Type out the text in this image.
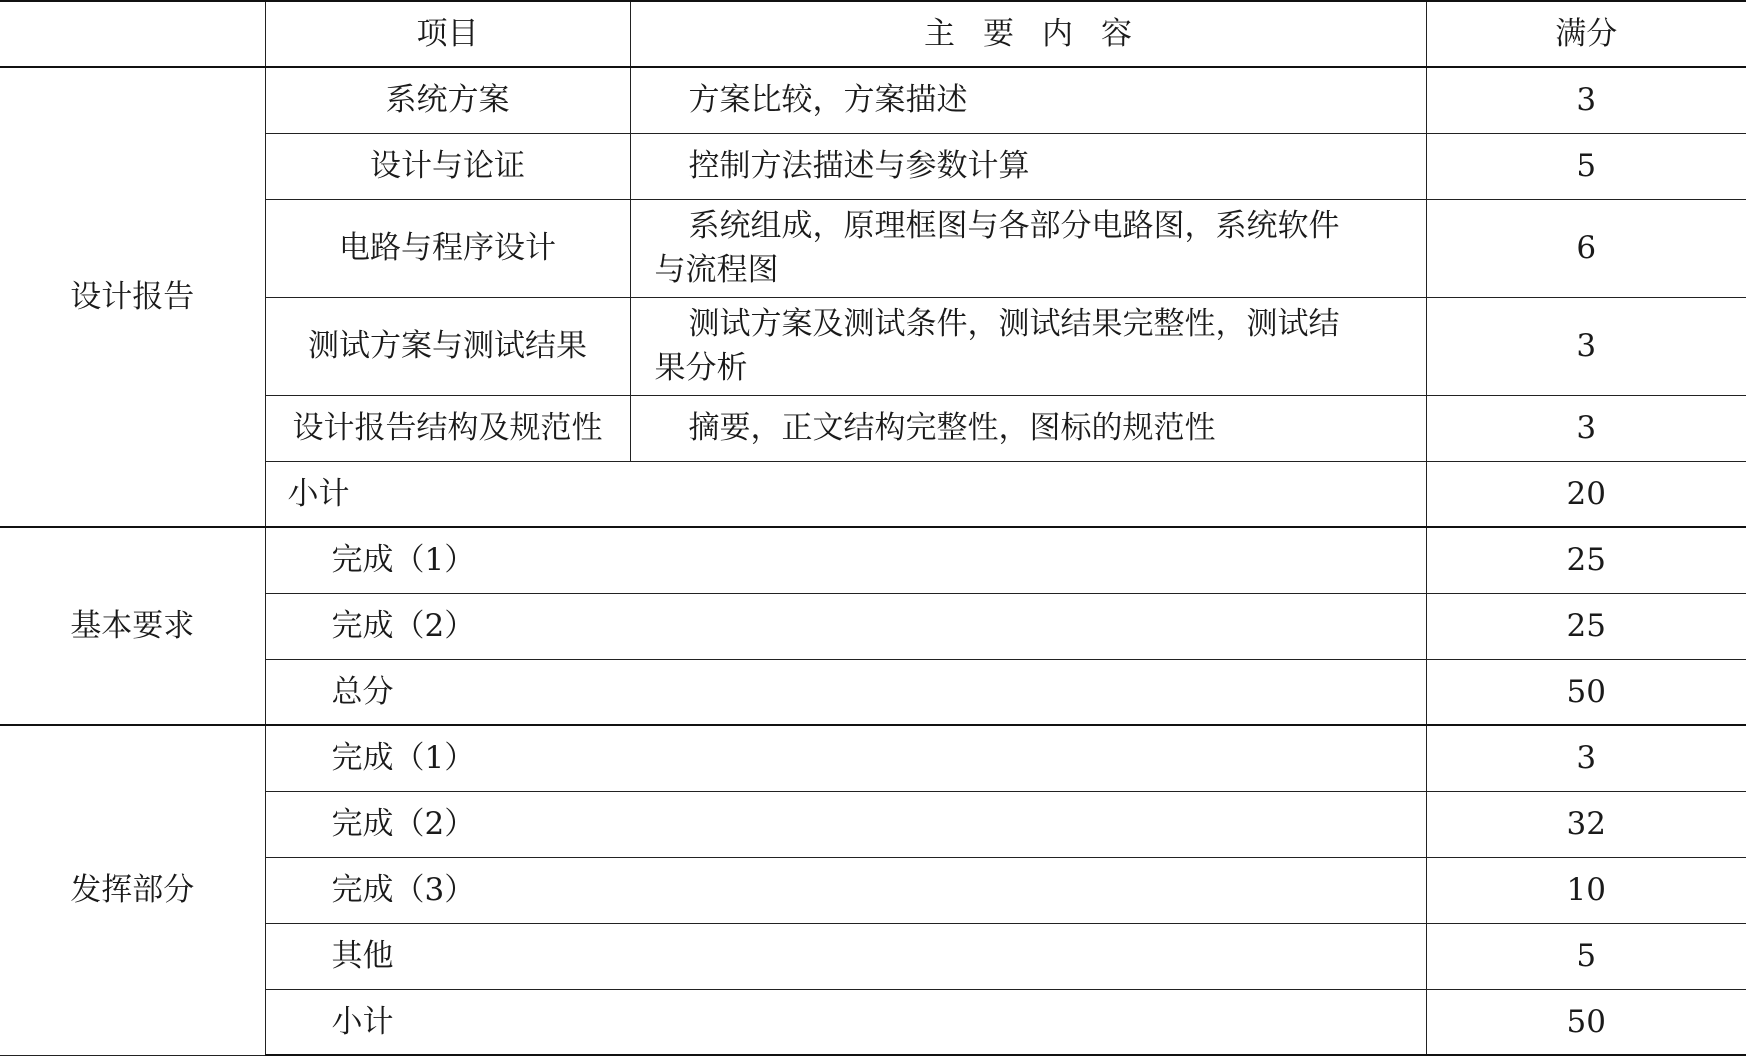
	项目	主要内容	满分
设计报告	系统方案	方案比较，方案描述	3
	设计与论证	控制方法描述与参数计算	5
	电路与程序设计	系统组成，原理框图与各部分电路图，系统软件
与流程图	6
	测试方案与测试结果	测试方案及测试条件，测试结果完整性，测试结
果分析	3
	设计报告结构及规范性	摘要，正文结构完整性，图标的规范性	3
	小计		20
基本要求	完成（1）		25
	完成（2）		25
	总分		50
发挥部分	完成（1）		3
	完成（2）		32
	完成（3）		10
	其他		5
	小计		50
